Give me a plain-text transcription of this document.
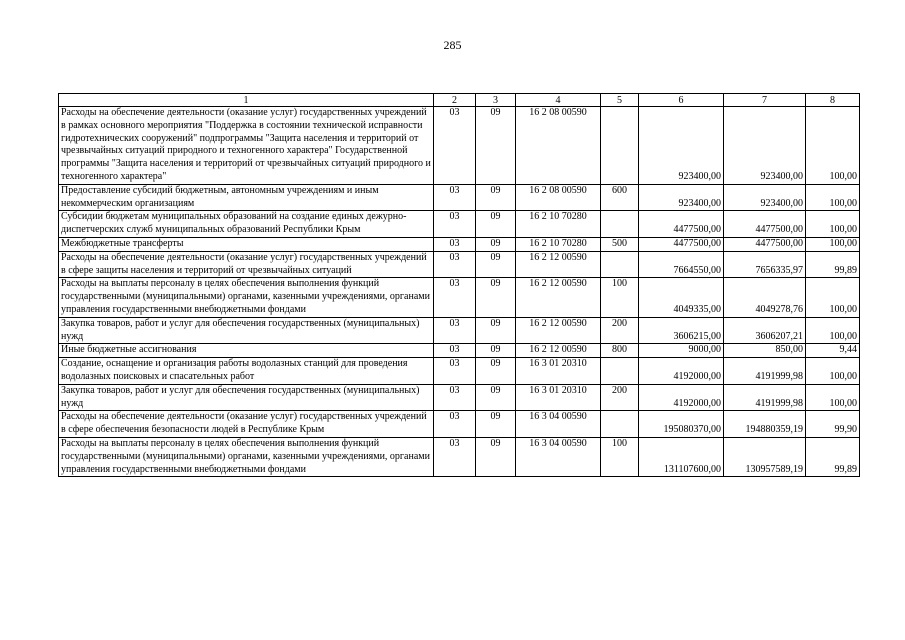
285
1	2	3	4	5	6	7	8
Расходы на обеспечение деятельности (оказание услуг) государственных учреждений в рамках основного мероприятия "Поддержка в состоянии технической исправности гидротехнических сооружений" подпрограммы "Защита населения и территорий от чрезвычайных ситуаций природного и техногенного характера" Государственной программы "Защита населения и территорий от чрезвычайных ситуаций природного и техногенного характера"	03	09	16 2 08 00590		923400,00	923400,00	100,00
Предоставление субсидий бюджетным, автономным учреждениям и иным некоммерческим организациям	03	09	16 2 08 00590	600	923400,00	923400,00	100,00
Субсидии бюджетам муниципальных образований на создание единых дежурно-диспетчерских служб муниципальных образований Республики Крым	03	09	16 2 10 70280		4477500,00	4477500,00	100,00
Межбюджетные трансферты	03	09	16 2 10 70280	500	4477500,00	4477500,00	100,00
Расходы на обеспечение деятельности (оказание услуг) государственных учреждений в сфере защиты населения и территорий от чрезвычайных ситуаций	03	09	16 2 12 00590		7664550,00	7656335,97	99,89
Расходы на выплаты персоналу в целях обеспечения выполнения функций государственными (муниципальными) органами, казенными учреждениями, органами управления государственными внебюджетными фондами	03	09	16 2 12 00590	100	4049335,00	4049278,76	100,00
Закупка товаров, работ и услуг для обеспечения государственных (муниципальных) нужд	03	09	16 2 12 00590	200	3606215,00	3606207,21	100,00
Иные бюджетные ассигнования	03	09	16 2 12 00590	800	9000,00	850,00	9,44
Создание, оснащение и организация работы водолазных станций для проведения водолазных поисковых и спасательных работ	03	09	16 3 01 20310		4192000,00	4191999,98	100,00
Закупка товаров, работ и услуг для обеспечения государственных (муниципальных) нужд	03	09	16 3 01 20310	200	4192000,00	4191999,98	100,00
Расходы на обеспечение деятельности (оказание услуг) государственных учреждений в сфере обеспечения безопасности людей в Республике Крым	03	09	16 3 04 00590		195080370,00	194880359,19	99,90
Расходы на выплаты персоналу в целях обеспечения выполнения функций государственными (муниципальными) органами, казенными учреждениями, органами управления государственными внебюджетными фондами	03	09	16 3 04 00590	100	131107600,00	130957589,19	99,89
